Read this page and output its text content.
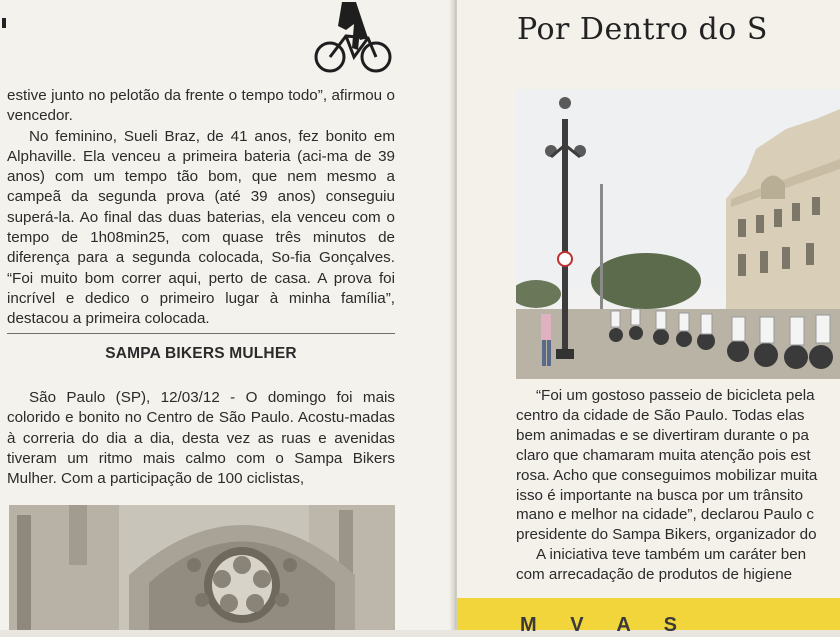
estive junto no pelotão da frente o tempo todo”, afirmou o vencedor.

No feminino, Sueli Braz, de 41 anos, fez bonito em Alphaville. Ela venceu a primeira bateria (aci-ma de 39 anos) com um tempo tão bom, que nem mesmo a campeã da segunda prova (até 39 anos) conseguiu superá-la. Ao final das duas baterias, ela venceu com o tempo de 1h08min25, com quase três minutos de diferença para a segunda colocada, So-fia Gonçalves. “Foi muito bom correr aqui, perto de casa. A prova foi incrível e dedico o primeiro lugar à minha família”, destacou a primeira colocada.

SAMPA BIKERS MULHER

São Paulo (SP), 12/03/12 - O domingo foi mais colorido e bonito no Centro de São Paulo. Acostu-madas à correria do dia a dia, desta vez as ruas e avenidas tiveram um ritmo mais calmo com o Sampa Bikers Mulher. Com a participação de 100 ciclistas,

Por Dentro do S

“Foi um gostoso passeio de bicicleta pela

centro da cidade de São Paulo. Todas elas

bem animadas e se divertiram durante o pa

claro que chamaram muita atenção pois est

rosa. Acho que conseguimos mobilizar muita

isso é importante na busca por um trânsito

mano e melhor na cidade”, declarou Paulo c

presidente do Sampa Bikers, organizador do

A iniciativa teve também um caráter ben

com arrecadação de produtos de higiene

M V A S
